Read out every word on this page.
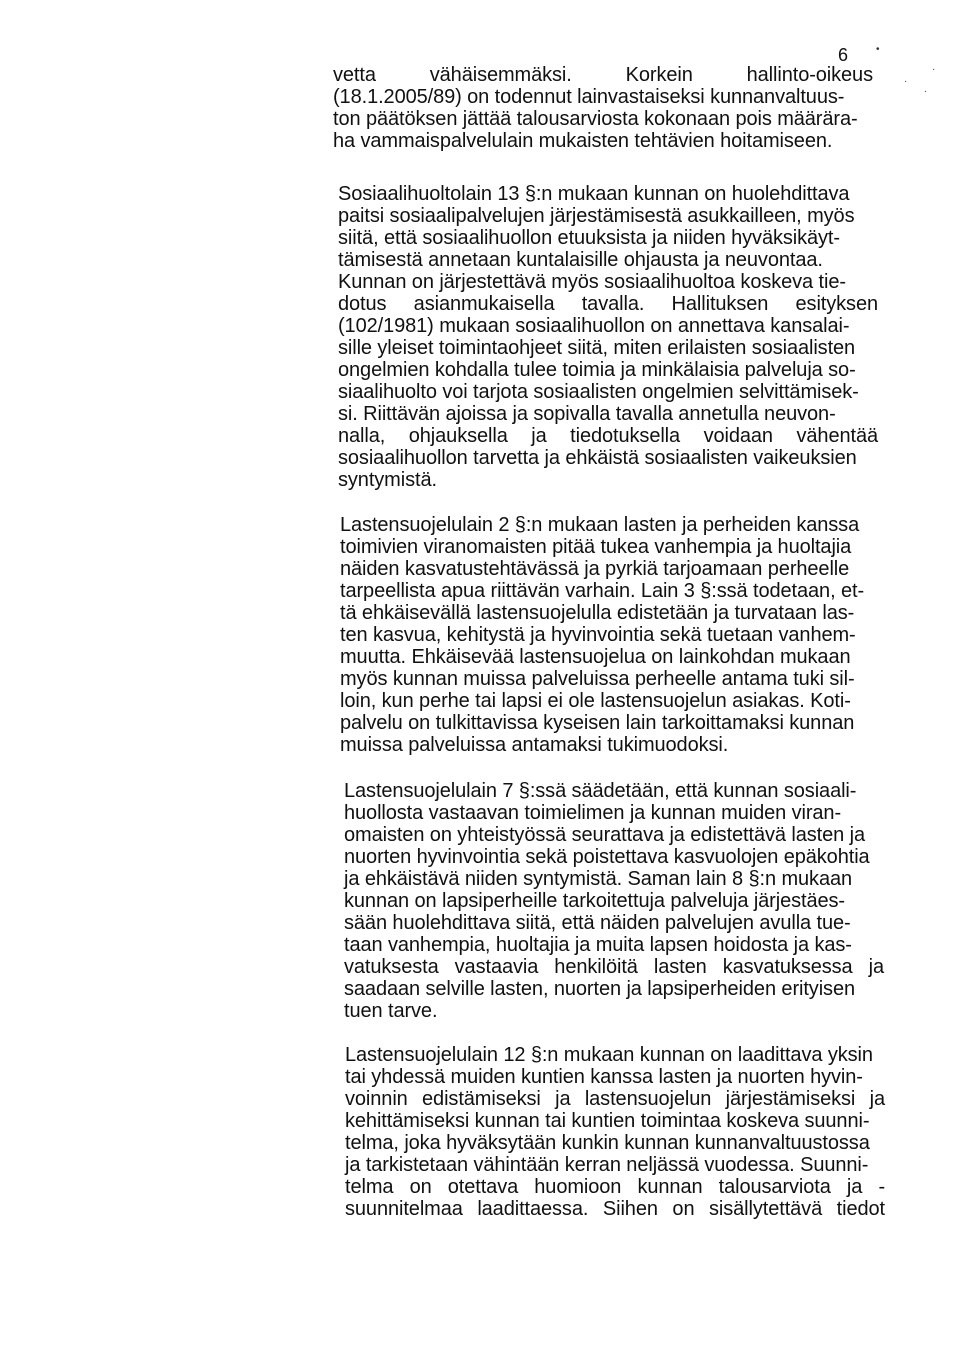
6	•
·
.
·
vetta vähäisemmäksi. Korkein hallinto-oikeus
(18.1.2005/89) on todennut lainvastaiseksi kunnanvaltuus-
ton päätöksen jättää talousarviosta kokonaan pois määrära-
ha vammaispalvelulain mukaisten tehtävien hoitamiseen.
Sosiaalihuoltolain 13 §:n mukaan kunnan on huolehdittava
paitsi sosiaalipalvelujen järjestämisestä asukkailleen, myös
siitä, että sosiaalihuollon etuuksista ja niiden hyväksikäyt-
tämisestä annetaan kuntalaisille ohjausta ja neuvontaa.
Kunnan on järjestettävä myös sosiaalihuoltoa koskeva tie-
dotus asianmukaisella tavalla. Hallituksen esityksen
(102/1981) mukaan sosiaalihuollon on annettava kansalai-
sille yleiset toimintaohjeet siitä, miten erilaisten sosiaalisten
ongelmien kohdalla tulee toimia ja minkälaisia palveluja so-
siaalihuolto voi tarjota sosiaalisten ongelmien selvittämisek-
si. Riittävän ajoissa ja sopivalla tavalla annetulla neuvon-
nalla, ohjauksella ja tiedotuksella voidaan vähentää
sosiaalihuollon tarvetta ja ehkäistä sosiaalisten vaikeuksien
syntymistä.
Lastensuojelulain 2 §:n mukaan lasten ja perheiden kanssa
toimivien viranomaisten pitää tukea vanhempia ja huoltajia
näiden kasvatustehtävässä ja pyrkiä tarjoamaan perheelle
tarpeellista apua riittävän varhain. Lain 3 §:ssä todetaan, et-
tä ehkäisevällä lastensuojelulla edistetään ja turvataan las-
ten kasvua, kehitystä ja hyvinvointia sekä tuetaan vanhem-
muutta. Ehkäisevää lastensuojelua on lainkohdan mukaan
myös kunnan muissa palveluissa perheelle antama tuki sil-
loin, kun perhe tai lapsi ei ole lastensuojelun asiakas. Koti-
palvelu on tulkittavissa kyseisen lain tarkoittamaksi kunnan
muissa palveluissa antamaksi tukimuodoksi.
Lastensuojelulain 7 §:ssä säädetään, että kunnan sosiaali-
huollosta vastaavan toimielimen ja kunnan muiden viran-
omaisten on yhteistyössä seurattava ja edistettävä lasten ja
nuorten hyvinvointia sekä poistettava kasvuolojen epäkohtia
ja ehkäistävä niiden syntymistä. Saman lain 8 §:n mukaan
kunnan on lapsiperheille tarkoitettuja palveluja järjestäes-
sään huolehdittava siitä, että näiden palvelujen avulla tue-
taan vanhempia, huoltajia ja muita lapsen hoidosta ja kas-
vatuksesta vastaavia henkilöitä lasten kasvatuksessa ja
saadaan selville lasten, nuorten ja lapsiperheiden erityisen
tuen tarve.
Lastensuojelulain 12 §:n mukaan kunnan on laadittava yksin
tai yhdessä muiden kuntien kanssa lasten ja nuorten hyvin-
voinnin edistämiseksi ja lastensuojelun järjestämiseksi ja
kehittämiseksi kunnan tai kuntien toimintaa koskeva suunni-
telma, joka hyväksytään kunkin kunnan kunnanvaltuustossa
ja tarkistetaan vähintään kerran neljässä vuodessa. Suunni-
telma on otettava huomioon kunnan talousarviota ja -
suunnitelmaa laadittaessa. Siihen on sisällytettävä tiedot
